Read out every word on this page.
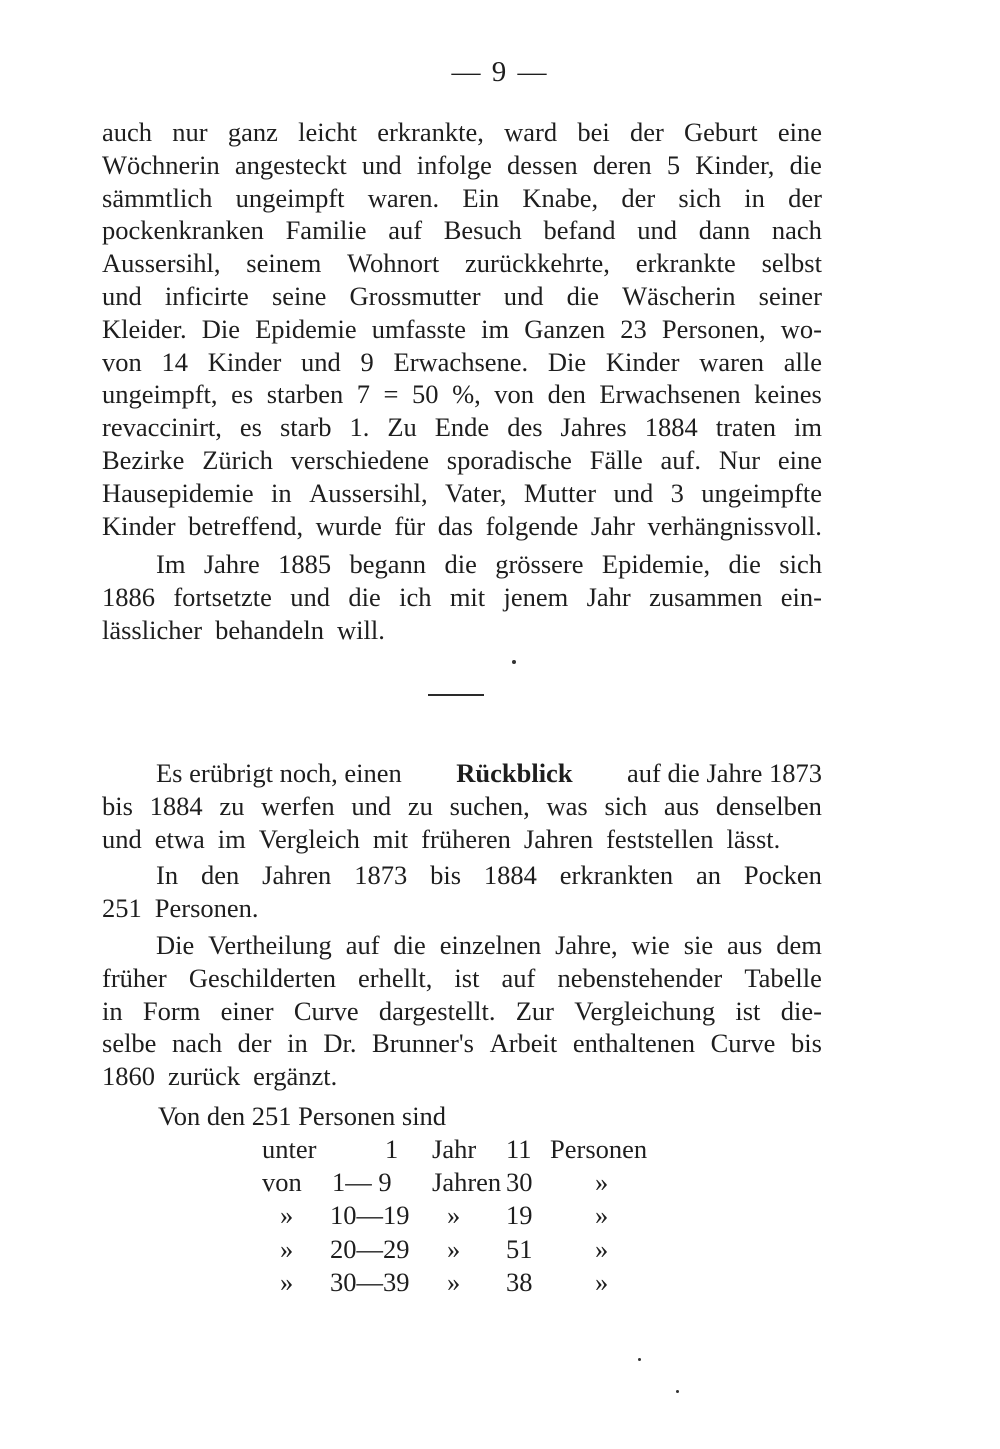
— 9 —
auch nur ganz leicht erkrankte, ward bei der Geburt eine
Wöchnerin angesteckt und infolge dessen deren 5 Kinder, die
sämmtlich ungeimpft waren. Ein Knabe, der sich in der
pockenkranken Familie auf Besuch befand und dann nach
Aussersihl, seinem Wohnort zurückkehrte, erkrankte selbst
und inficirte seine Grossmutter und die Wäscherin seiner
Kleider. Die Epidemie umfasste im Ganzen 23 Personen, wo-
von 14 Kinder und 9 Erwachsene. Die Kinder waren alle
ungeimpft, es starben 7 = 50 %, von den Erwachsenen keines
revaccinirt, es starb 1. Zu Ende des Jahres 1884 traten im
Bezirke Zürich verschiedene sporadische Fälle auf. Nur eine
Hausepidemie in Aussersihl, Vater, Mutter und 3 ungeimpfte
Kinder betreffend, wurde für das folgende Jahr verhängnissvoll.
Im Jahre 1885 begann die grössere Epidemie, die sich
1886 fortsetzte und die ich mit jenem Jahr zusammen ein-
lässlicher behandeln will.
Es erübrigt noch, einen Rückblick auf die Jahre 1873
bis 1884 zu werfen und zu suchen, was sich aus denselben
und etwa im Vergleich mit früheren Jahren feststellen lässt.
In den Jahren 1873 bis 1884 erkrankten an Pocken
251 Personen.
Die Vertheilung auf die einzelnen Jahre, wie sie aus dem
früher Geschilderten erhellt, ist auf nebenstehender Tabelle
in Form einer Curve dargestellt. Zur Vergleichung ist die-
selbe nach der in Dr. Brunner's Arbeit enthaltenen Curve bis
1860 zurück ergänzt.
Von den 251 Personen sind
unter	1 Jahr 11 Personen
von 1— 9 Jahren 30 »
» 10—19 » 19 »
» 20—29 » 51 »
» 30—39 » 38 »
